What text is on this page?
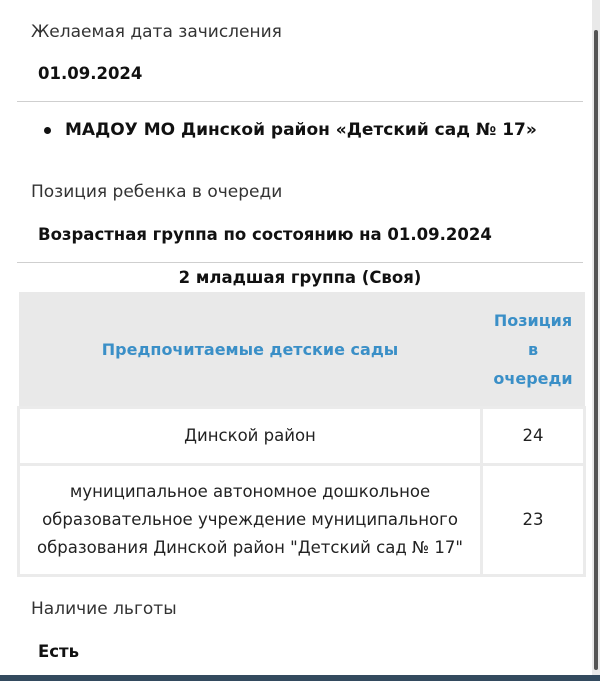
Желаемая дата зачисления
01.09.2024
МАДОУ МО Динской район «Детский сад № 17»
Позиция ребенка в очереди
Возрастная группа по состоянию на 01.09.2024
2 младшая группа (Своя)
Предпочитаемые детские сады	Позиция
в
очереди

Динской район	24

муниципальное автономное дошкольное
образовательное учреждение муниципального
образования Динской район "Детский сад № 17"	23
Наличие льготы
Есть
